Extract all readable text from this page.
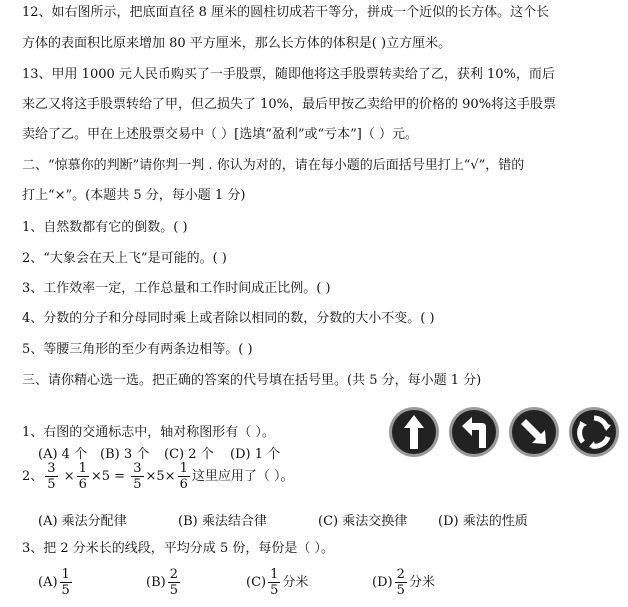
12、如右图所示，把底面直径 8 厘米的圆柱切成若干等分，拼成一个近似的长方体。这个长
方体的表面积比原来增加 80 平方厘米，那么长方体的体积是( )立方厘米。
13、甲用 1000 元人民币购买了一手股票，随即他将这手股票转卖给了乙，获利 10%，而后
来乙又将这手股票转给了甲，但乙损失了 10%，最后甲按乙卖给甲的价格的 90%将这手股票
卖给了乙。甲在上述股票交易中（ ）[选填“盈利”或“亏本”]（ ）元。
二、“惊慕你的判断”请你判一判 . 你认为对的，请在每小题的后面括号里打上“√”，错的
打上“×”。(本题共 5 分，每小题 1 分)
1、自然数都有它的倒数。( )
2、“大象会在天上飞”是可能的。( )
3、工作效率一定，工作总量和工作时间成正比例。( )
4、分数的分子和分母同时乘上或者除以相同的数，分数的大小不变。( )
5、等腰三角形的至少有两条边相等。( )
三、请你精心选一选。把正确的答案的代号填在括号里。(共 5 分，每小题 1 分)
1、右图的交通标志中，轴对称图形有（ ）。
(A) 4 个 (B) 3 个 (C) 2 个 (D) 1 个
2、 $\frac{3}{5} \times \frac{1}{6} \times 5 = \frac{3}{5} \times 5\times \frac{1}{6}$ 这里应用了（ ）。
(A) 乘法分配律	(B) 乘法结合律	(C) 乘法交换律 (D) 乘法的性质
3、把 2 分米长的线段，平均分成 5 份，每份是（ ）。
$(A) \frac{1}{5}$	$(B) \frac{2}{5}$	$(C) \frac{1}{5}$ 分米	$(D) \frac{2}{5}$ 分米
